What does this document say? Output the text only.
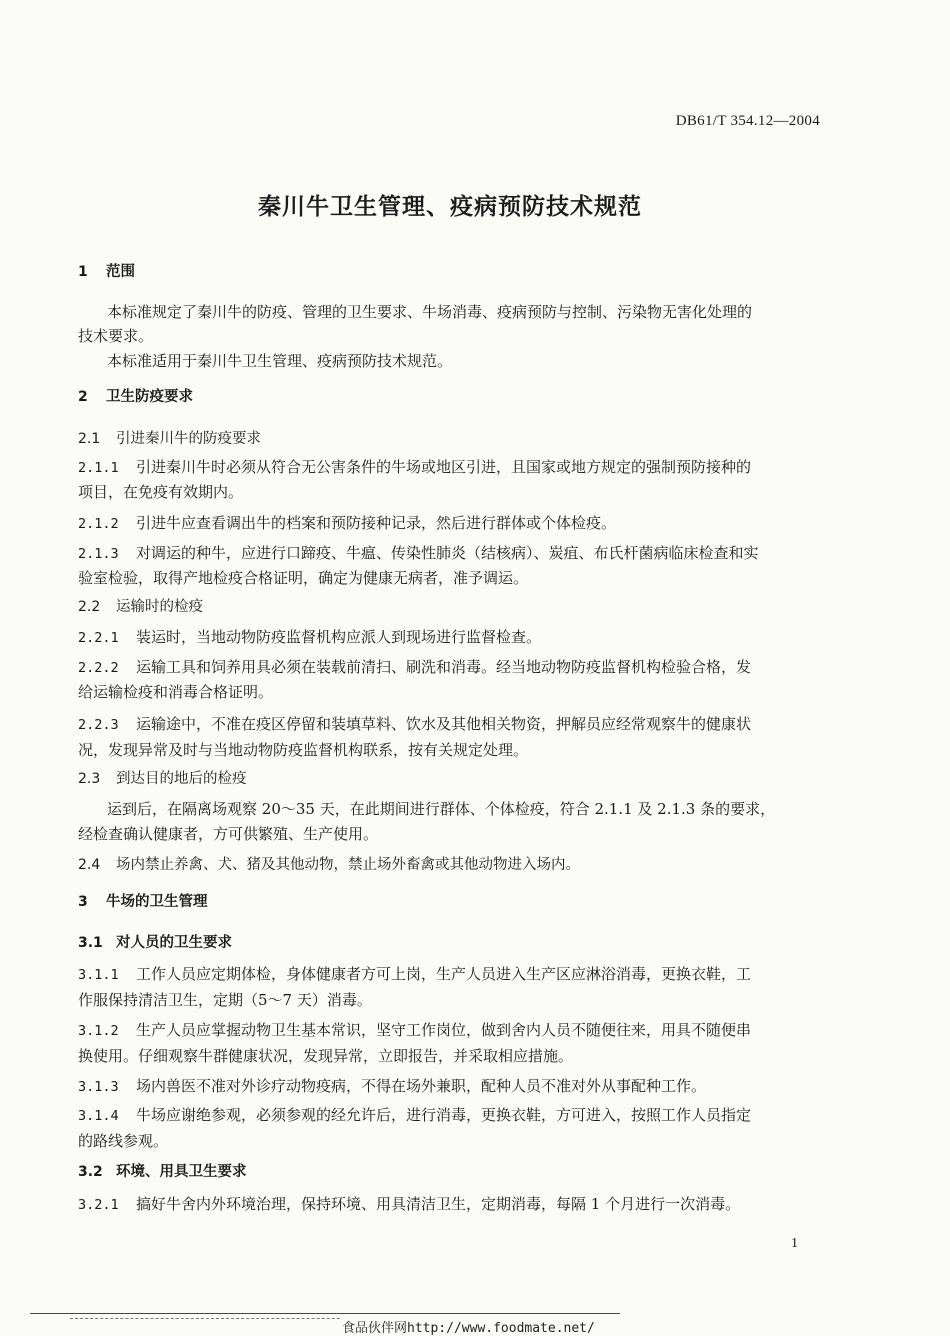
DB61/T 354.12—2004
秦川牛卫生管理、疫病预防技术规范
1 范围
本标准规定了秦川牛的防疫、管理的卫生要求、牛场消毒、疫病预防与控制、污染物无害化处理的
技术要求。
本标准适用于秦川牛卫生管理、疫病预防技术规范。
2 卫生防疫要求
2.1 引进秦川牛的防疫要求
2.1.1 引进秦川牛时必须从符合无公害条件的牛场或地区引进，且国家或地方规定的强制预防接种的
项目，在免疫有效期内。
2.1.2 引进牛应查看调出牛的档案和预防接种记录，然后进行群体或个体检疫。
2.1.3 对调运的种牛，应进行口蹄疫、牛瘟、传染性肺炎（结核病）、炭疽、布氏杆菌病临床检查和实
验室检验，取得产地检疫合格证明，确定为健康无病者，准予调运。
2.2 运输时的检疫
2.2.1 装运时，当地动物防疫监督机构应派人到现场进行监督检查。
2.2.2 运输工具和饲养用具必须在装载前清扫、刷洗和消毒。经当地动物防疫监督机构检验合格，发
给运输检疫和消毒合格证明。
2.2.3 运输途中，不准在疫区停留和装填草料、饮水及其他相关物资，押解员应经常观察牛的健康状
况，发现异常及时与当地动物防疫监督机构联系，按有关规定处理。
2.3 到达目的地后的检疫
运到后，在隔离场观察 20～35 天，在此期间进行群体、个体检疫，符合 2.1.1 及 2.1.3 条的要求，
经检查确认健康者，方可供繁殖、生产使用。
2.4 场内禁止养禽、犬、猪及其他动物，禁止场外畜禽或其他动物进入场内。
3 牛场的卫生管理
3.1 对人员的卫生要求
3.1.1 工作人员应定期体检，身体健康者方可上岗，生产人员进入生产区应淋浴消毒，更换衣鞋，工
作服保持清洁卫生，定期（5～7 天）消毒。
3.1.2 生产人员应掌握动物卫生基本常识，坚守工作岗位，做到舍内人员不随便往来，用具不随便串
换使用。仔细观察牛群健康状况，发现异常，立即报告，并采取相应措施。
3.1.3 场内兽医不准对外诊疗动物疫病，不得在场外兼职，配种人员不准对外从事配种工作。
3.1.4 牛场应谢绝参观，必须参观的经允许后，进行消毒，更换衣鞋，方可进入，按照工作人员指定
的路线参观。
3.2 环境、用具卫生要求
3.2.1 搞好牛舍内外环境治理，保持环境、用具清洁卫生，定期消毒，每隔 1 个月进行一次消毒。
1
食品伙伴网http://www.foodmate.net/
